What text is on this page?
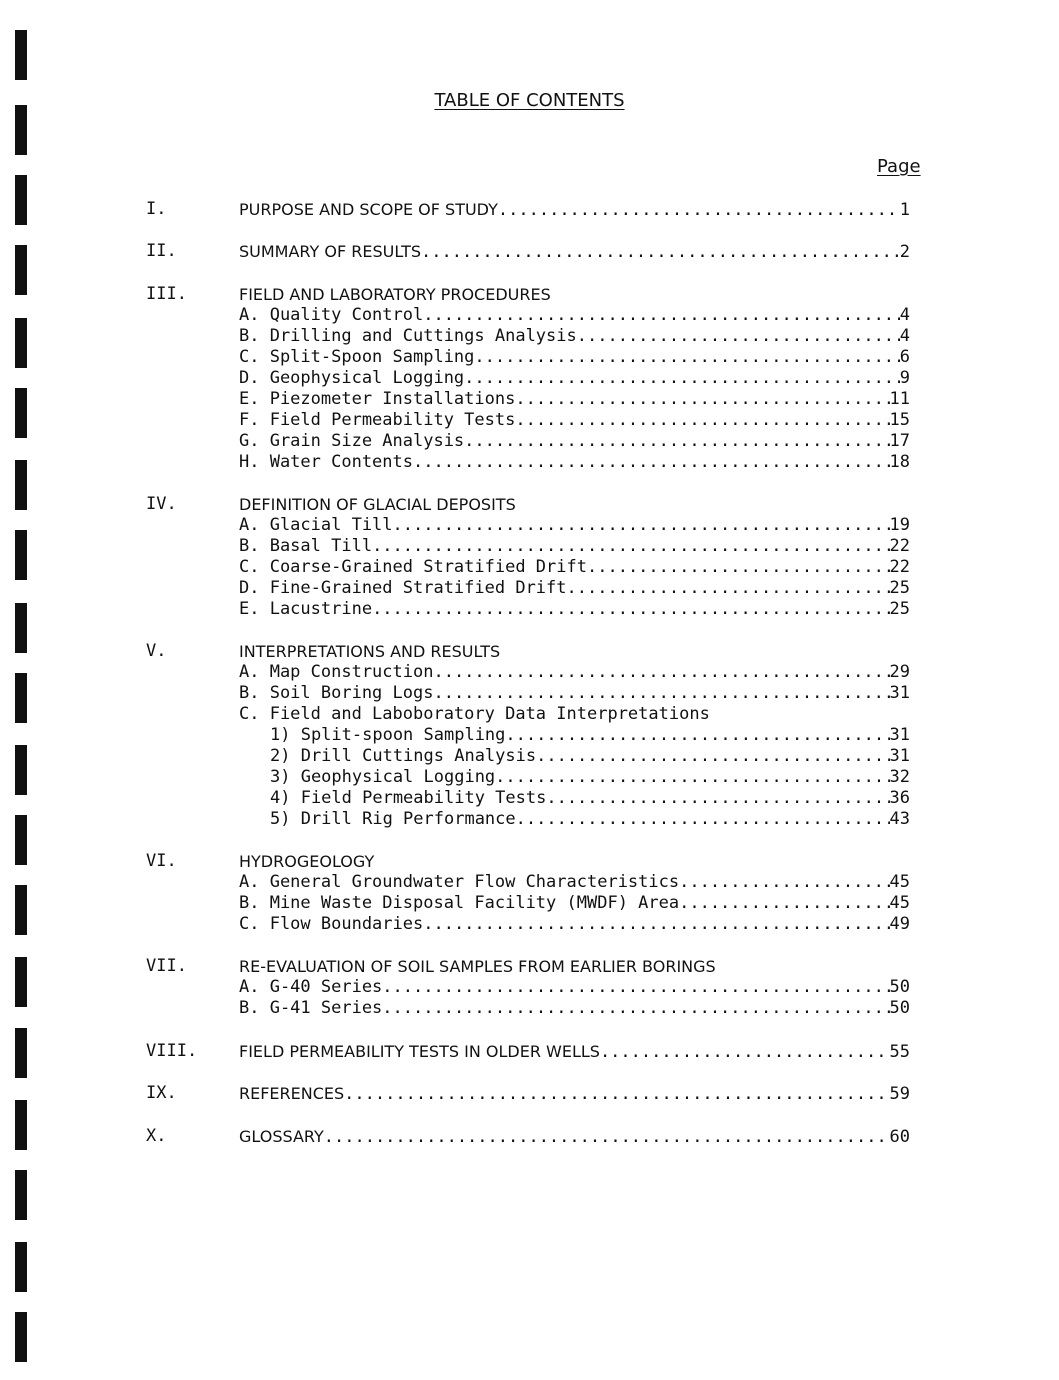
TABLE OF CONTENTS
Page
I.	PURPOSE AND SCOPE OF STUDY .....	1
II.	SUMMARY OF RESULTS .....	2
III.	FIELD AND LABORATORY PROCEDURES
A. Quality Control .....	4
B. Drilling and Cuttings Analysis .....	4
C. Split-Spoon Sampling .....	6
D. Geophysical Logging .....	9
E. Piezometer Installations .....	11
F. Field Permeability Tests .....	15
G. Grain Size Analysis .....	17
H. Water Contents .....	18
IV.	DEFINITION OF GLACIAL DEPOSITS
A. Glacial Till .....	19
B. Basal Till .....	22
C. Coarse-Grained Stratified Drift .....	22
D. Fine-Grained Stratified Drift .....	25
E. Lacustrine .....	25
V.	INTERPRETATIONS AND RESULTS
A. Map Construction .....	29
B. Soil Boring Logs .....	31
C. Field and Laboboratory Data Interpretations
1) Split-spoon Sampling .....	31
2) Drill Cuttings Analysis .....	31
3) Geophysical Logging .....	32
4) Field Permeability Tests .....	36
5) Drill Rig Performance .....	43
VI.	HYDROGEOLOGY
A. General Groundwater Flow Characteristics .....	45
B. Mine Waste Disposal Facility (MWDF) Area .....	45
C. Flow Boundaries .....	49
VII.	RE-EVALUATION OF SOIL SAMPLES FROM EARLIER BORINGS
A. G-40 Series .....	50
B. G-41 Series .....	50
VIII.	FIELD PERMEABILITY TESTS IN OLDER WELLS .....	55
IX.	REFERENCES .....	59
X.	GLOSSARY .....	60
